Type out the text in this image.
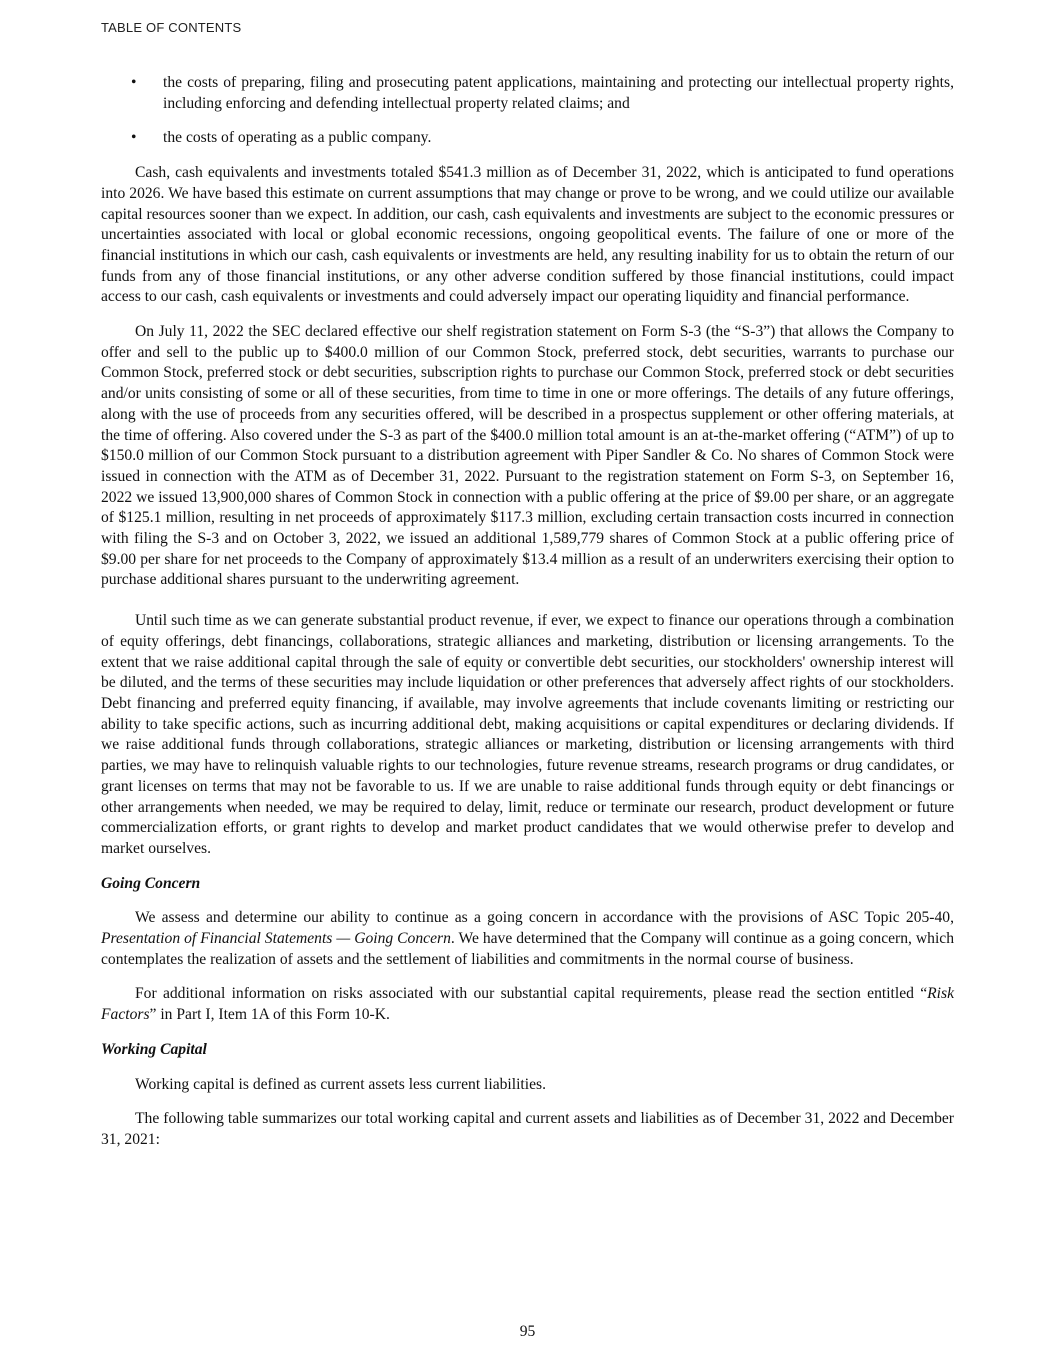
TABLE OF CONTENTS
• the costs of preparing, filing and prosecuting patent applications, maintaining and protecting our intellectual property rights, including enforcing and defending intellectual property related claims; and
• the costs of operating as a public company.

Cash, cash equivalents and investments totaled $541.3 million as of December 31, 2022, which is anticipated to fund operations into 2026. We have based this estimate on current assumptions that may change or prove to be wrong, and we could utilize our available capital resources sooner than we expect. In addition, our cash, cash equivalents and investments are subject to the economic pressures or uncertainties associated with local or global economic recessions, ongoing geopolitical events. The failure of one or more of the financial institutions in which our cash, cash equivalents or investments are held, any resulting inability for us to obtain the return of our funds from any of those financial institutions, or any other adverse condition suffered by those financial institutions, could impact access to our cash, cash equivalents or investments and could adversely impact our operating liquidity and financial performance.

On July 11, 2022 the SEC declared effective our shelf registration statement on Form S-3 (the “S-3”) that allows the Company to offer and sell to the public up to $400.0 million of our Common Stock, preferred stock, debt securities, warrants to purchase our Common Stock, preferred stock or debt securities, subscription rights to purchase our Common Stock, preferred stock or debt securities and/or units consisting of some or all of these securities, from time to time in one or more offerings. The details of any future offerings, along with the use of proceeds from any securities offered, will be described in a prospectus supplement or other offering materials, at the time of offering. Also covered under the S-3 as part of the $400.0 million total amount is an at-the-market offering (“ATM”) of up to $150.0 million of our Common Stock pursuant to a distribution agreement with Piper Sandler & Co. No shares of Common Stock were issued in connection with the ATM as of December 31, 2022. Pursuant to the registration statement on Form S-3, on September 16, 2022 we issued 13,900,000 shares of Common Stock in connection with a public offering at the price of $9.00 per share, or an aggregate of $125.1 million, resulting in net proceeds of approximately $117.3 million, excluding certain transaction costs incurred in connection with filing the S-3 and on October 3, 2022, we issued an additional 1,589,779 shares of Common Stock at a public offering price of $9.00 per share for net proceeds to the Company of approximately $13.4 million as a result of an underwriters exercising their option to purchase additional shares pursuant to the underwriting agreement.

Until such time as we can generate substantial product revenue, if ever, we expect to finance our operations through a combination of equity offerings, debt financings, collaborations, strategic alliances and marketing, distribution or licensing arrangements. To the extent that we raise additional capital through the sale of equity or convertible debt securities, our stockholders' ownership interest will be diluted, and the terms of these securities may include liquidation or other preferences that adversely affect rights of our stockholders. Debt financing and preferred equity financing, if available, may involve agreements that include covenants limiting or restricting our ability to take specific actions, such as incurring additional debt, making acquisitions or capital expenditures or declaring dividends. If we raise additional funds through collaborations, strategic alliances or marketing, distribution or licensing arrangements with third parties, we may have to relinquish valuable rights to our technologies, future revenue streams, research programs or drug candidates, or grant licenses on terms that may not be favorable to us. If we are unable to raise additional funds through equity or debt financings or other arrangements when needed, we may be required to delay, limit, reduce or terminate our research, product development or future commercialization efforts, or grant rights to develop and market product candidates that we would otherwise prefer to develop and market ourselves.

Going Concern

We assess and determine our ability to continue as a going concern in accordance with the provisions of ASC Topic 205-40, Presentation of Financial Statements — Going Concern. We have determined that the Company will continue as a going concern, which contemplates the realization of assets and the settlement of liabilities and commitments in the normal course of business.

For additional information on risks associated with our substantial capital requirements, please read the section entitled “Risk Factors” in Part I, Item 1A of this Form 10-K.

Working Capital

Working capital is defined as current assets less current liabilities.

The following table summarizes our total working capital and current assets and liabilities as of December 31, 2022 and December 31, 2021:

95
